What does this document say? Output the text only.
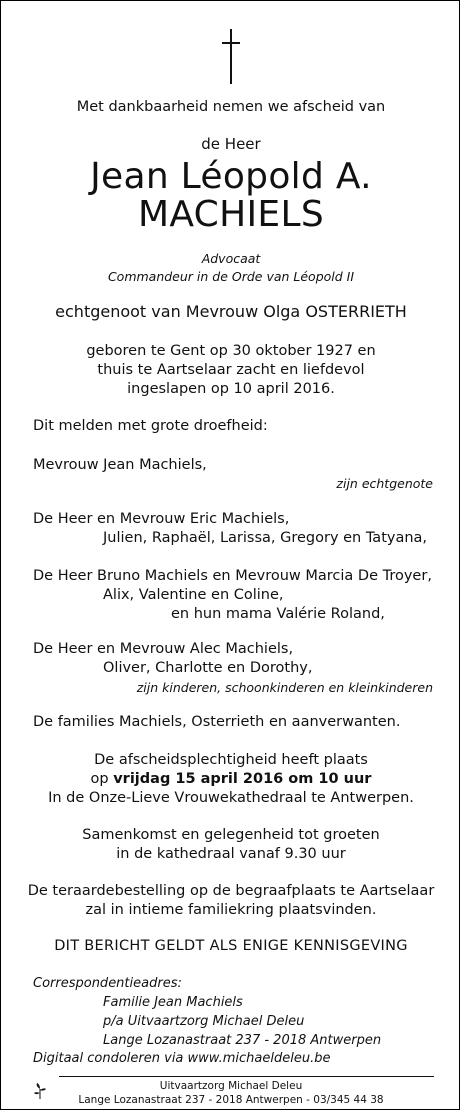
Met dankbaarheid nemen we afscheid van
de Heer
Jean Léopold A.
MACHIELS
Advocaat
Commandeur in de Orde van Léopold II
echtgenoot van Mevrouw Olga OSTERRIETH
geboren te Gent op 30 oktober 1927 en
thuis te Aartselaar zacht en liefdevol
ingeslapen op 10 april 2016.
Dit melden met grote droefheid:
Mevrouw Jean Machiels,
zijn echtgenote
De Heer en Mevrouw Eric Machiels,
Julien, Raphaël, Larissa, Gregory en Tatyana,
De Heer Bruno Machiels en Mevrouw Marcia De Troyer,
Alix, Valentine en Coline,
en hun mama Valérie Roland,
De Heer en Mevrouw Alec Machiels,
Oliver, Charlotte en Dorothy,
zijn kinderen, schoonkinderen en kleinkinderen
De families Machiels, Osterrieth en aanverwanten.
De afscheidsplechtigheid heeft plaats
op vrijdag 15 april 2016 om 10 uur
In de Onze-Lieve Vrouwekathedraal te Antwerpen.
Samenkomst en gelegenheid tot groeten
in de kathedraal vanaf 9.30 uur
De teraardebestelling op de begraafplaats te Aartselaar
zal in intieme familiekring plaatsvinden.
DIT BERICHT GELDT ALS ENIGE KENNISGEVING
Correspondentieadres:
Familie Jean Machiels
p/a Uitvaartzorg Michael Deleu
Lange Lozanastraat 237 - 2018 Antwerpen
Digitaal condoleren via www.michaeldeleu.be
Uitvaartzorg Michael Deleu
Lange Lozanastraat 237 - 2018 Antwerpen - 03/345 44 38
